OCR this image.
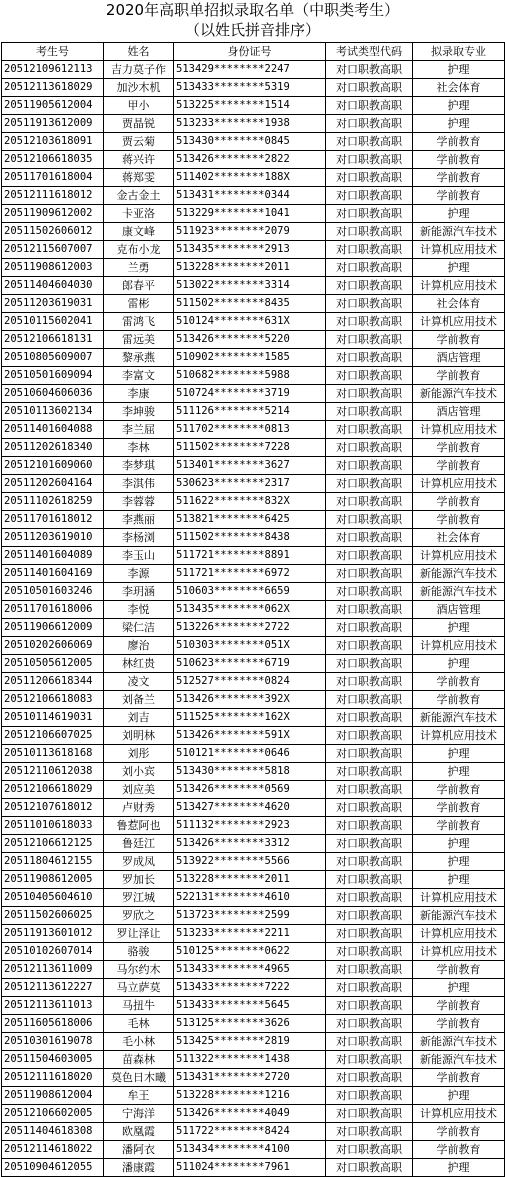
2020年高职单招拟录取名单（中职类考生）
（以姓氏拼音排序）
考生号	姓名	身份证号	考试类型代码	拟录取专业
20512109612113	吉力莫子作	513429********2247	对口职教高职	护理
20512113618029	加沙木机	513433********5319	对口职教高职	社会体育
20511905612004	甲小	513225********1514	对口职教高职	护理
20511913612009	贾晶锐	513233********1938	对口职教高职	护理
20512103618091	贾云菊	513430********0845	对口职教高职	学前教育
20512106618035	蒋兴许	513426********2822	对口职教高职	学前教育
20511701618004	蒋郑雯	511402********188X	对口职教高职	学前教育
20512111618012	金古金土	513431********0344	对口职教高职	学前教育
20511909612002	卡亚洛	513229********1041	对口职教高职	护理
20511502606012	康文峰	511923********2079	对口职教高职	新能源汽车技术
20512115607007	克布小龙	513435********2913	对口职教高职	计算机应用技术
20511908612003	兰勇	513228********2011	对口职教高职	护理
20511404604030	郎春平	513022********3314	对口职教高职	计算机应用技术
20511203619031	雷彬	511502********8435	对口职教高职	社会体育
20510115602041	雷鸿飞	510124********631X	对口职教高职	计算机应用技术
20512106618131	雷远美	513426********5220	对口职教高职	学前教育
20510805609007	黎承燕	510902********1585	对口职教高职	酒店管理
20510501609094	李富文	510682********5988	对口职教高职	学前教育
20510604606036	李康	510724********3719	对口职教高职	新能源汽车技术
20510113602134	李坤骏	511126********5214	对口职教高职	酒店管理
20511401604088	李兰屈	511702********0813	对口职教高职	计算机应用技术
20511202618340	李林	511502********7228	对口职教高职	学前教育
20512101609060	李梦琪	513401********3627	对口职教高职	学前教育
20511202604164	李淇伟	530623********2317	对口职教高职	计算机应用技术
20511102618259	李蓉蓉	511622********832X	对口职教高职	学前教育
20511701618012	李燕丽	513821********6425	对口职教高职	学前教育
20511203619010	李杨浏	511502********8438	对口职教高职	社会体育
20511401604089	李玉山	511721********8891	对口职教高职	计算机应用技术
20511401604169	李源	511721********6972	对口职教高职	新能源汽车技术
20510501603246	李玥涵	510603********6659	对口职教高职	新能源汽车技术
20511701618006	李悦	513435********062X	对口职教高职	酒店管理
20511906612009	梁仁洁	513226********2722	对口职教高职	护理
20510202606069	廖治	510303********051X	对口职教高职	计算机应用技术
20510505612005	林红贵	510623********6719	对口职教高职	护理
20511206618344	凌文	512527********0824	对口职教高职	学前教育
20512106618083	刘备兰	513426********392X	对口职教高职	学前教育
20510114619031	刘吉	511525********162X	对口职教高职	新能源汽车技术
20512106607025	刘明林	513426********591X	对口职教高职	计算机应用技术
20510113618168	刘彤	510121********0646	对口职教高职	护理
20512110612038	刘小宾	513430********5818	对口职教高职	护理
20512106618029	刘应美	513426********0569	对口职教高职	学前教育
20512107618012	卢财秀	513427********4620	对口职教高职	学前教育
20511010618033	鲁惹阿也	511132********2923	对口职教高职	学前教育
20512106612125	鲁廷江	513426********3312	对口职教高职	护理
20511804612155	罗成凤	513922********5566	对口职教高职	护理
20511908612005	罗加长	513228********2011	对口职教高职	护理
20510405604610	罗江城	522131********4610	对口职教高职	计算机应用技术
20511502606025	罗欣之	513723********2599	对口职教高职	新能源汽车技术
20511913601012	罗让泽让	513233********2211	对口职教高职	计算机应用技术
20510102607014	骆骏	510125********0622	对口职教高职	计算机应用技术
20512113611009	马尔约木	513433********4965	对口职教高职	学前教育
20512113612227	马立萨莫	513433********7222	对口职教高职	护理
20512113611013	马扭牛	513433********5645	对口职教高职	学前教育
20511605618006	毛林	513125********3626	对口职教高职	学前教育
20510301619078	毛小林	513425********2819	对口职教高职	新能源汽车技术
20511504603005	苗森林	511322********1438	对口职教高职	新能源汽车技术
20512111618020	莫色日木曦	513431********2720	对口职教高职	学前教育
20511908612004	牟王	513228********1216	对口职教高职	护理
20512106602005	宁海洋	513426********4049	对口职教高职	计算机应用技术
20511404618308	欧凰霞	511722********8424	对口职教高职	学前教育
20512114618022	潘阿衣	513434********4100	对口职教高职	学前教育
20510904612055	潘康霞	511024********7961	对口职教高职	护理
